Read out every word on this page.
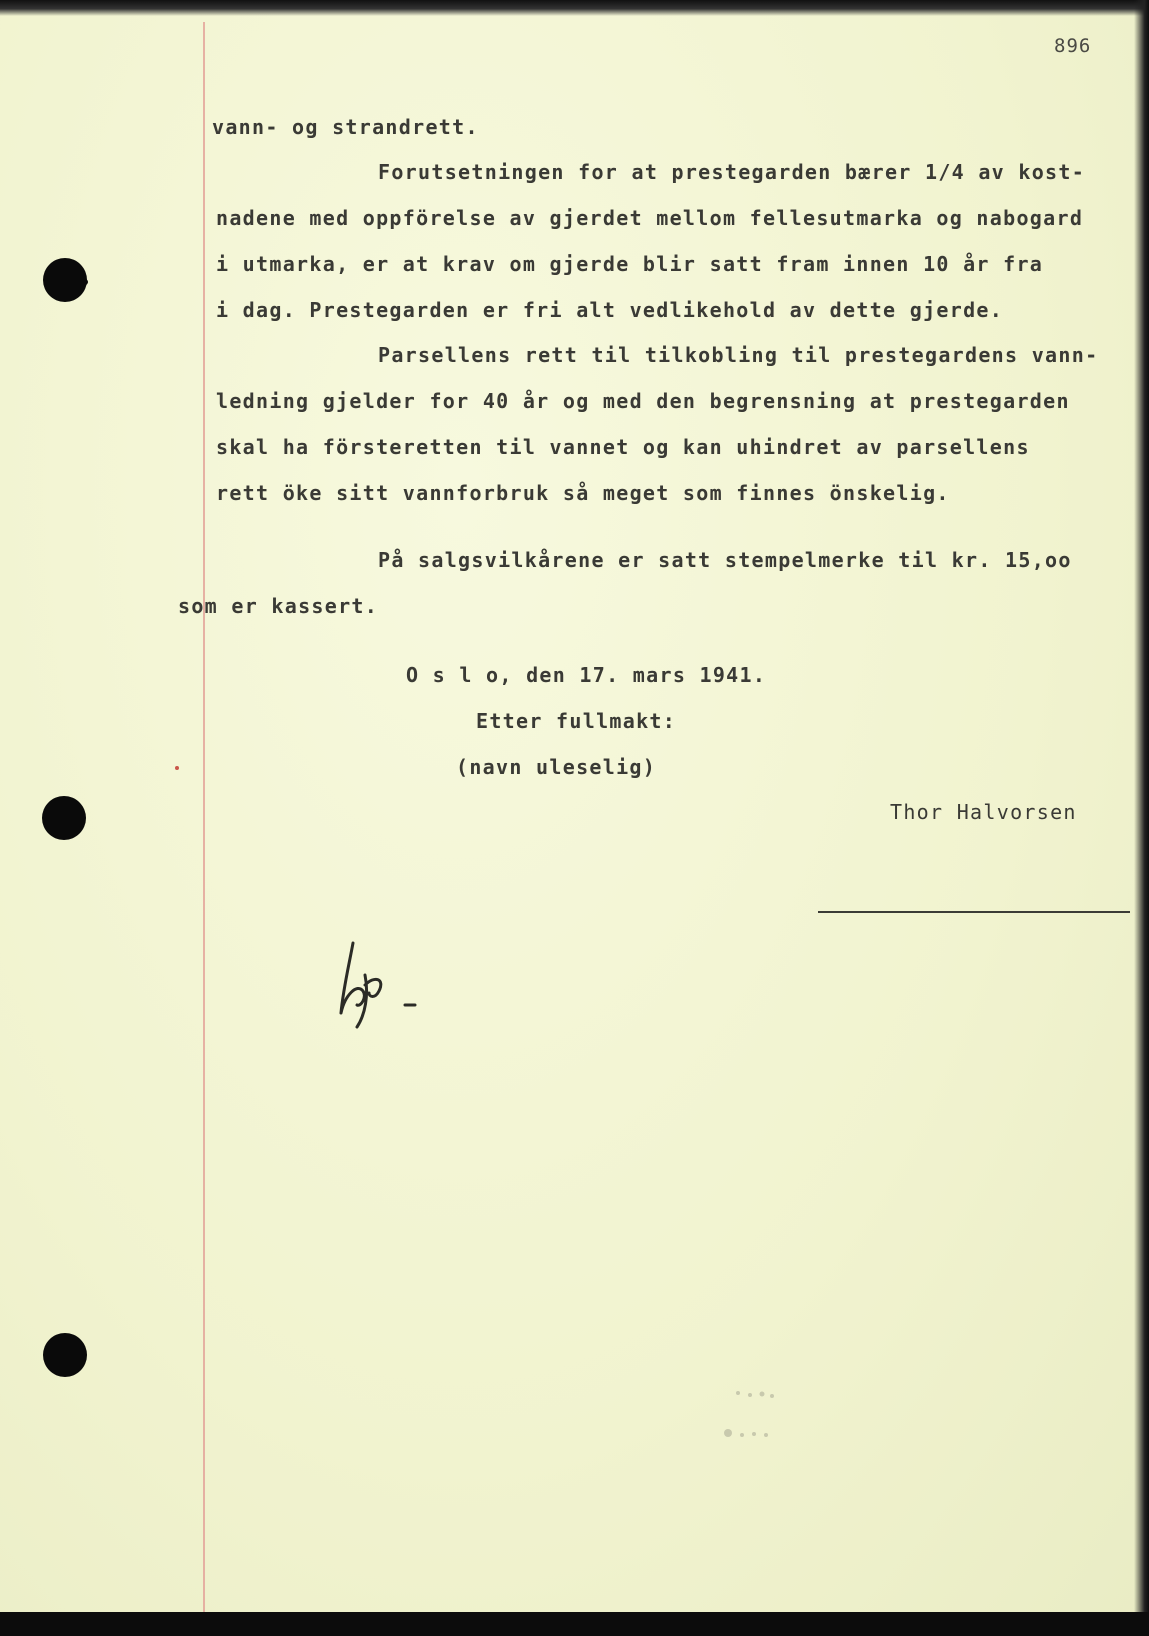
896
vann- og strandrett.
Forutsetningen for at prestegarden bærer 1/4 av kost-
nadene med oppförelse av gjerdet mellom fellesutmarka og nabogard
i utmarka, er at krav om gjerde blir satt fram innen 10 år fra
i dag. Prestegarden er fri alt vedlikehold av dette gjerde.
Parsellens rett til tilkobling til prestegardens vann-
ledning gjelder for 40 år og med den begrensning at prestegarden
skal ha försteretten til vannet og kan uhindret av parsellens
rett öke sitt vannforbruk så meget som finnes önskelig.
På salgsvilkårene er satt stempelmerke til kr. 15,oo
som er kassert.
O s l o, den 17. mars 1941.
Etter fullmakt:
(navn uleselig)
Thor Halvorsen
